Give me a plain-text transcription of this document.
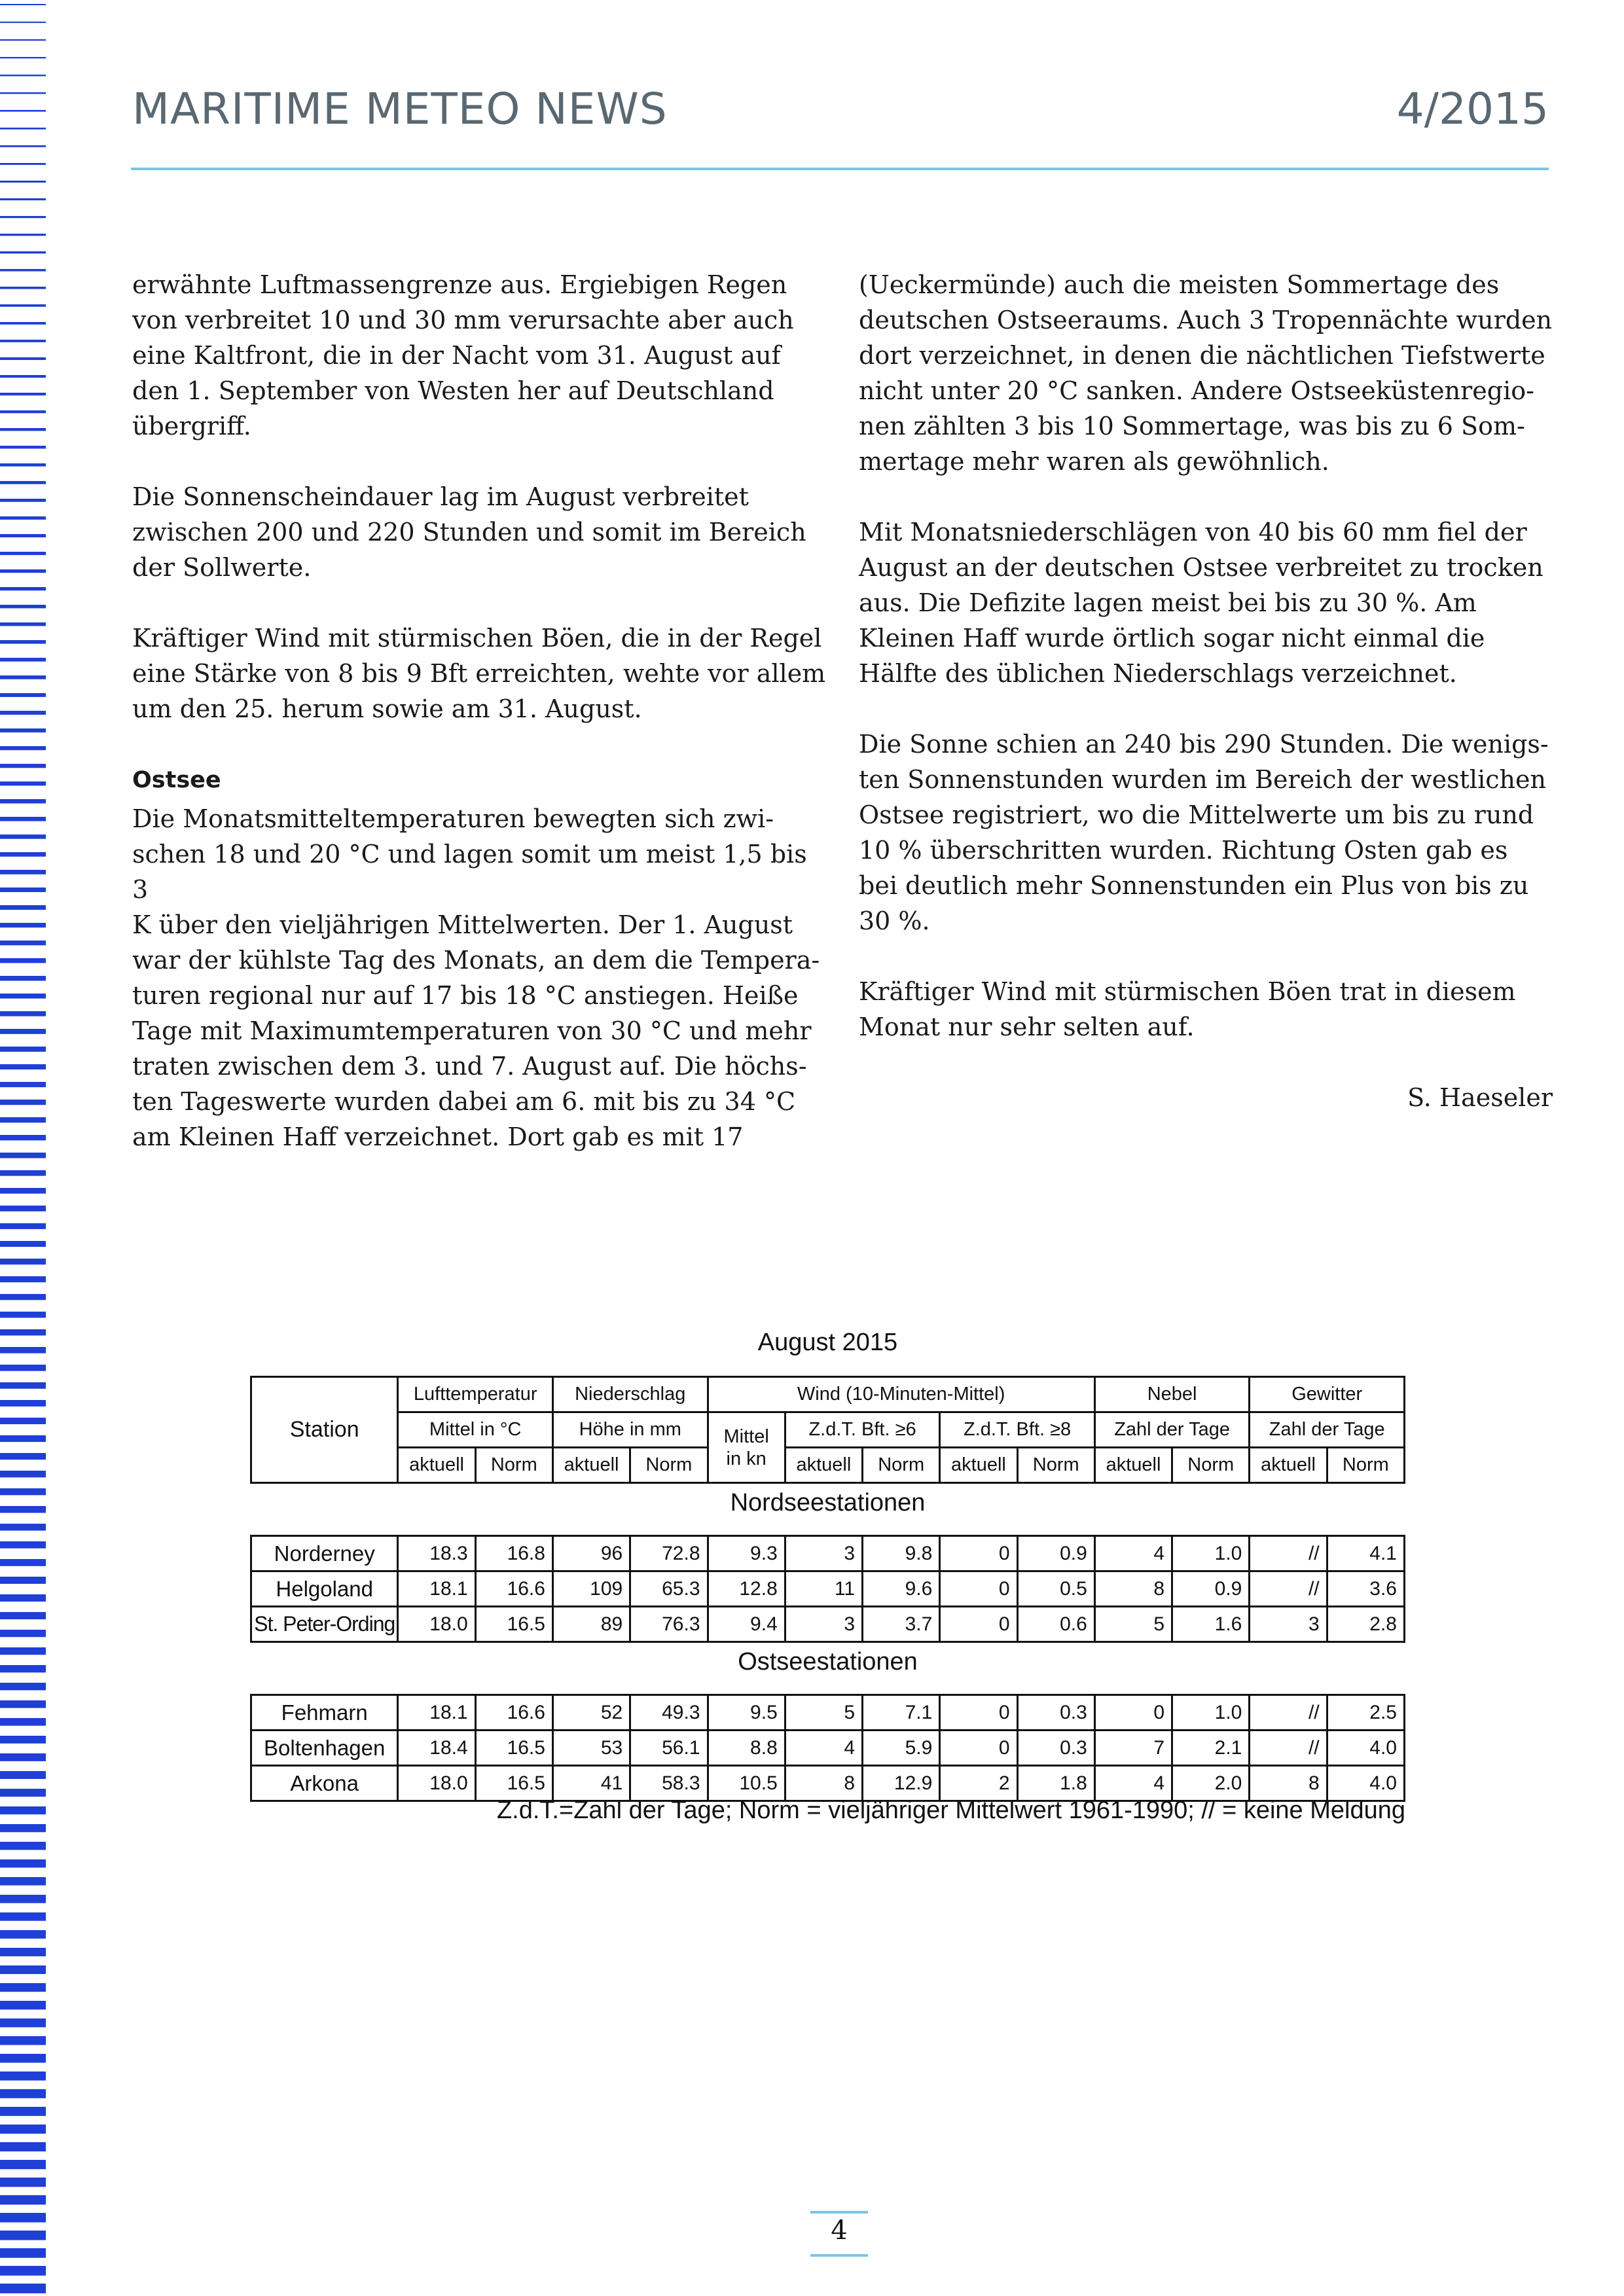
MARITIME METEO NEWS	4/2015

erwähnte Luftmassengrenze aus. Ergiebigen Regen
von verbreitet 10 und 30 mm verursachte aber auch
eine Kaltfront, die in der Nacht vom 31. August auf
den 1. September von Westen her auf Deutschland
übergriff.

Die Sonnenscheindauer lag im August verbreitet
zwischen 200 und 220 Stunden und somit im Bereich
der Sollwerte.

Kräftiger Wind mit stürmischen Böen, die in der Regel
eine Stärke von 8 bis 9 Bft erreichten, wehte vor allem
um den 25. herum sowie am 31. August.

Ostsee

Die Monatsmitteltemperaturen bewegten sich zwi-
schen 18 und 20 °C und lagen somit um meist 1,5 bis 3
K über den vieljährigen Mittelwerten. Der 1. August
war der kühlste Tag des Monats, an dem die Tempera-
turen regional nur auf 17 bis 18 °C anstiegen. Heiße
Tage mit Maximumtemperaturen von 30 °C und mehr
traten zwischen dem 3. und 7. August auf. Die höchs-
ten Tageswerte wurden dabei am 6. mit bis zu 34 °C
am Kleinen Haff verzeichnet. Dort gab es mit 17

(Ueckermünde) auch die meisten Sommertage des
deutschen Ostseeraums. Auch 3 Tropennächte wurden
dort verzeichnet, in denen die nächtlichen Tiefstwerte
nicht unter 20 °C sanken. Andere Ostseeküstenregio-
nen zählten 3 bis 10 Sommertage, was bis zu 6 Som-
mertage mehr waren als gewöhnlich.

Mit Monatsniederschlägen von 40 bis 60 mm fiel der
August an der deutschen Ostsee verbreitet zu trocken
aus. Die Defizite lagen meist bei bis zu 30 %. Am
Kleinen Haff wurde örtlich sogar nicht einmal die
Hälfte des üblichen Niederschlags verzeichnet.

Die Sonne schien an 240 bis 290 Stunden. Die wenigs-
ten Sonnenstunden wurden im Bereich der westlichen
Ostsee registriert, wo die Mittelwerte um bis zu rund
10 % überschritten wurden. Richtung Osten gab es
bei deutlich mehr Sonnenstunden ein Plus von bis zu
30 %.

Kräftiger Wind mit stürmischen Böen trat in diesem
Monat nur sehr selten auf.

S. Haeseler

August 2015
Station	Lufttemperatur		Niederschlag		Wind (10-Minuten-Mittel)					Nebel		Gewitter	
	Mittel in °C		Höhe in mm		Mittel
in kn	Z.d.T. Bft. ≥6		Z.d.T. Bft. ≥8		Zahl der Tage		Zahl der Tage	
	aktuell	Norm	aktuell	Norm		aktuell	Norm	aktuell	Norm	aktuell	Norm	aktuell	Norm
Nordseestationen													

Norderney	18.3	16.8	96	72.8	9.3	3	9.8	0	0.9	4	1.0	//	4.1
Helgoland	18.1	16.6	109	65.3	12.8	11	9.6	0	0.5	8	0.9	//	3.6
St. Peter-Ording	18.0	16.5	89	76.3	9.4	3	3.7	0	0.6	5	1.6	3	2.8
Ostseestationen													

Fehmarn	18.1	16.6	52	49.3	9.5	5	7.1	0	0.3	0	1.0	//	2.5
Boltenhagen	18.4	16.5	53	56.1	8.8	4	5.9	0	0.3	7	2.1	//	4.0
Arkona	18.0	16.5	41	58.3	10.5	8	12.9	2	1.8	4	2.0	8	4.0
Z.d.T.=Zahl der Tage; Norm = vieljähriger Mittelwert 1961-1990; // = keine Meldung
4
